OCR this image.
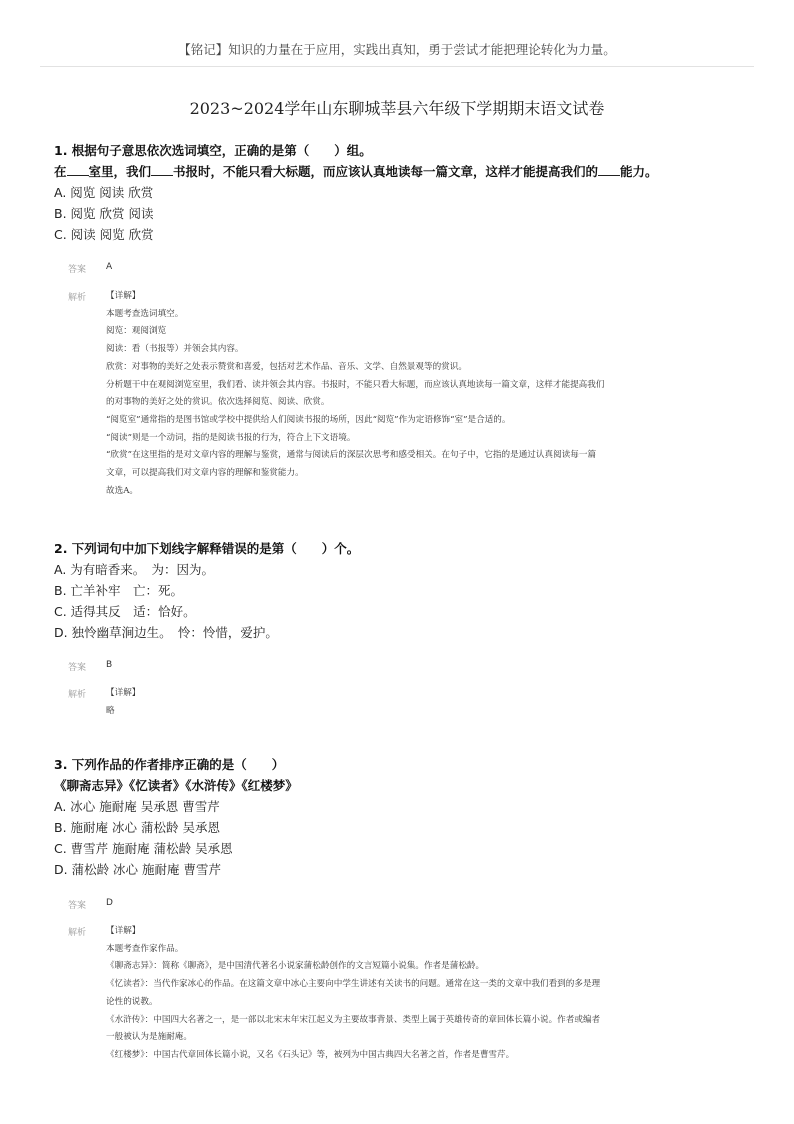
【铭记】知识的力量在于应用，实践出真知，勇于尝试才能把理论转化为力量。
2023~2024学年山东聊城莘县六年级下学期期末语文试卷
1. 根据句子意思依次选词填空，正确的是第（　　）组。
在 室里，我们 书报时，不能只看大标题，而应该认真地读每一篇文章，这样才能提高我们的 能力。
A. 阅览 阅读 欣赏
B. 阅览 欣赏 阅读
C. 阅读 阅览 欣赏
答案 A
解析 【详解】
本题考查选词填空。
阅览：观阅浏览
阅读：看（书报等）并领会其内容。
欣赏：对事物的美好之处表示赞赏和喜爱，包括对艺术作品、音乐、文学、自然景观等的赏识。
分析题干中在观阅浏览室里，我们看、读并领会其内容。书报时，不能只看大标题，而应该认真地读每一篇文章，这样才能提高我们
的对事物的美好之处的赏识。依次选择阅览、阅读、欣赏。
“阅览室”通常指的是图书馆或学校中提供给人们阅读书报的场所，因此“阅览”作为定语修饰“室”是合适的。
“阅读”则是一个动词，指的是阅读书报的行为，符合上下文语境。
“欣赏”在这里指的是对文章内容的理解与鉴赏，通常与阅读后的深层次思考和感受相关。在句子中，它指的是通过认真阅读每一篇
文章，可以提高我们对文章内容的理解和鉴赏能力。
故选A。
2. 下列词句中加下划线字解释错误的是第（　　）个。
A. 为有暗香来。　为：因为。
B. 亡羊补牢　亡：死。
C. 适得其反　适：恰好。
D. 独怜幽草涧边生。　怜：怜惜，爱护。
答案 B
解析 【详解】
略
3. 下列作品的作者排序正确的是（　　）
《聊斋志异》《忆读者》《水浒传》《红楼梦》
A. 冰心 施耐庵 吴承恩 曹雪芹
B. 施耐庵 冰心 蒲松龄 吴承恩
C. 曹雪芹 施耐庵 蒲松龄 吴承恩
D. 蒲松龄 冰心 施耐庵 曹雪芹
答案 D
解析 【详解】
本题考查作家作品。
《聊斋志异》：简称《聊斋》，是中国清代著名小说家蒲松龄创作的文言短篇小说集。作者是蒲松龄。
《忆读者》：当代作家冰心的作品。在这篇文章中冰心主要向中学生讲述有关读书的问题。通常在这一类的文章中我们看到的多是理
论性的说教。
《水浒传》：中国四大名著之一，是一部以北宋末年宋江起义为主要故事背景、类型上属于英雄传奇的章回体长篇小说。作者或编者
一般被认为是施耐庵。
《红楼梦》：中国古代章回体长篇小说，又名《石头记》等，被列为中国古典四大名著之首，作者是曹雪芹。
